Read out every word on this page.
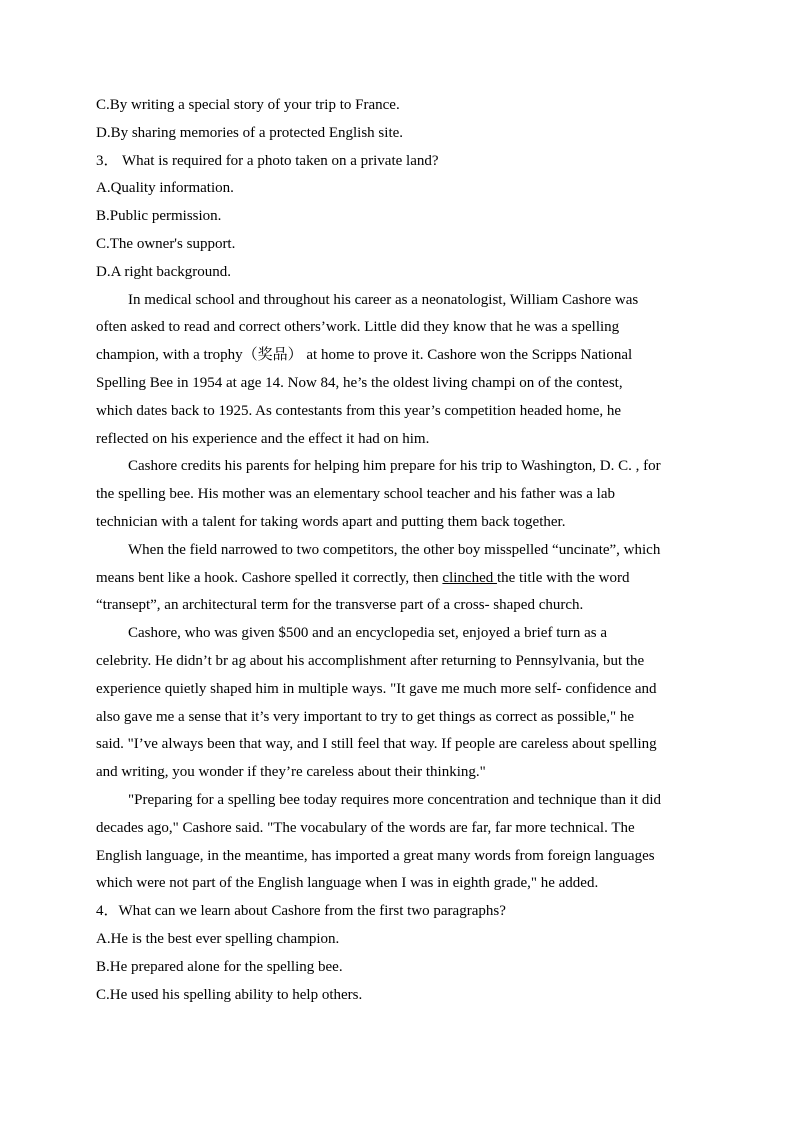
C.By writing a special story of your trip to France.
D.By sharing memories of a protected English site.
3． What is required for a photo taken on a private land?
A.Quality information.
B.Public permission.
C.The owner's support.
D.A right background.
In medical school and throughout his career as a neonatologist, William Cashore was
often asked to read and correct others’work. Little did they know that he was a spelling
champion, with a trophy（奖品） at home to prove it. Cashore won the Scripps National
Spelling Bee in 1954 at age 14. Now 84, he’s the oldest living champi on of the contest,
which dates back to 1925. As contestants from this year’s competition headed home, he
reflected on his experience and the effect it had on him.
Cashore credits his parents for helping him prepare for his trip to Washington, D. C. , for
the spelling bee. His mother was an elementary school teacher and his father was a lab
technician with a talent for taking words apart and putting them back together.
When the field narrowed to two competitors, the other boy misspelled “uncinate”, which
means bent like a hook. Cashore spelled it correctly, then clinched the title with the word
“transept”, an architectural term for the transverse part of a cross- shaped church.
Cashore, who was given $500 and an encyclopedia set, enjoyed a brief turn as a
celebrity. He didn’t br ag about his accomplishment after returning to Pennsylvania, but the
experience quietly shaped him in multiple ways. "It gave me much more self- confidence and
also gave me a sense that it’s very important to try to get things as correct as possible," he
said. "I’ve always been that way, and I still feel that way. If people are careless about spelling
and writing, you wonder if they’re careless about their thinking."
"Preparing for a spelling bee today requires more concentration and technique than it did
decades ago," Cashore said. "The vocabulary of the words are far, far more technical. The
English language, in the meantime, has imported a great many words from foreign languages
which were not part of the English language when I was in eighth grade," he added.
4．What can we learn about Cashore from the first two paragraphs?
A.He is the best ever spelling champion.
B.He prepared alone for the spelling bee.
C.He used his spelling ability to help others.
